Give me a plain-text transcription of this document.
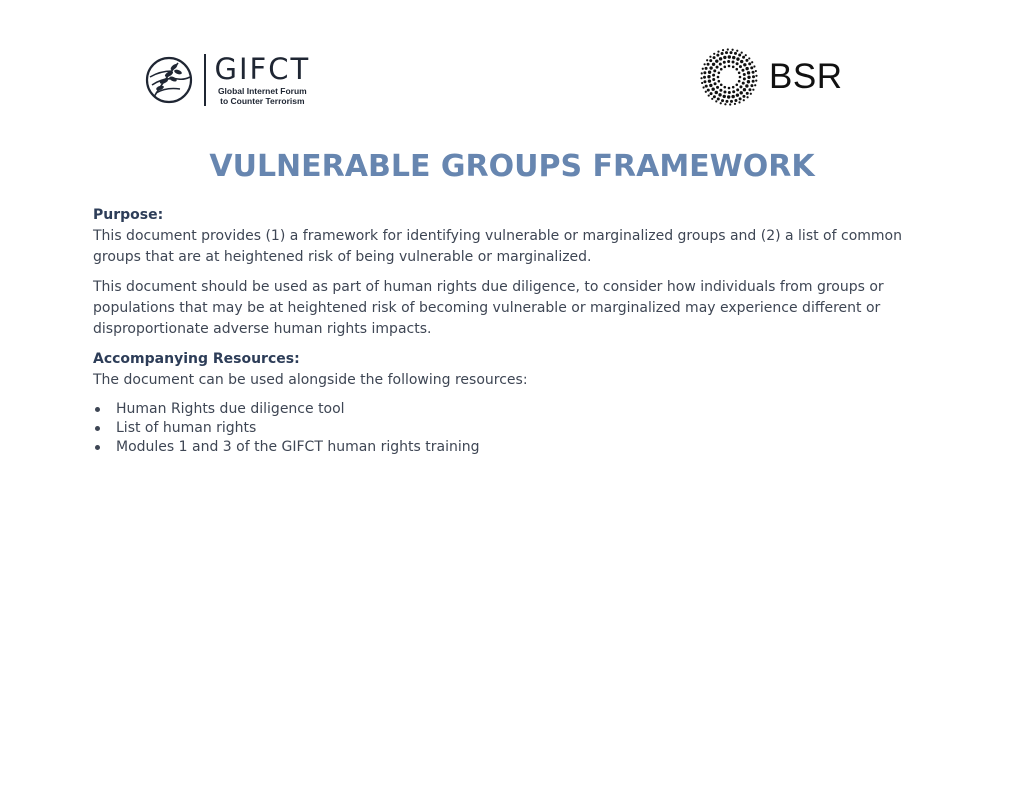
GIFCT
Global Internet Forum
to Counter Terrorism
BSR
VULNERABLE GROUPS FRAMEWORK

Purpose:

This document provides (1) a framework for identifying vulnerable or marginalized groups and (2) a list of common groups that are at heightened risk of being vulnerable or marginalized.

This document should be used as part of human rights due diligence, to consider how individuals from groups or populations that may be at heightened risk of becoming vulnerable or marginalized may experience different or disproportionate adverse human rights impacts.

Accompanying Resources:

The document can be used alongside the following resources:

Human Rights due diligence tool
List of human rights
Modules 1 and 3 of the GIFCT human rights training
